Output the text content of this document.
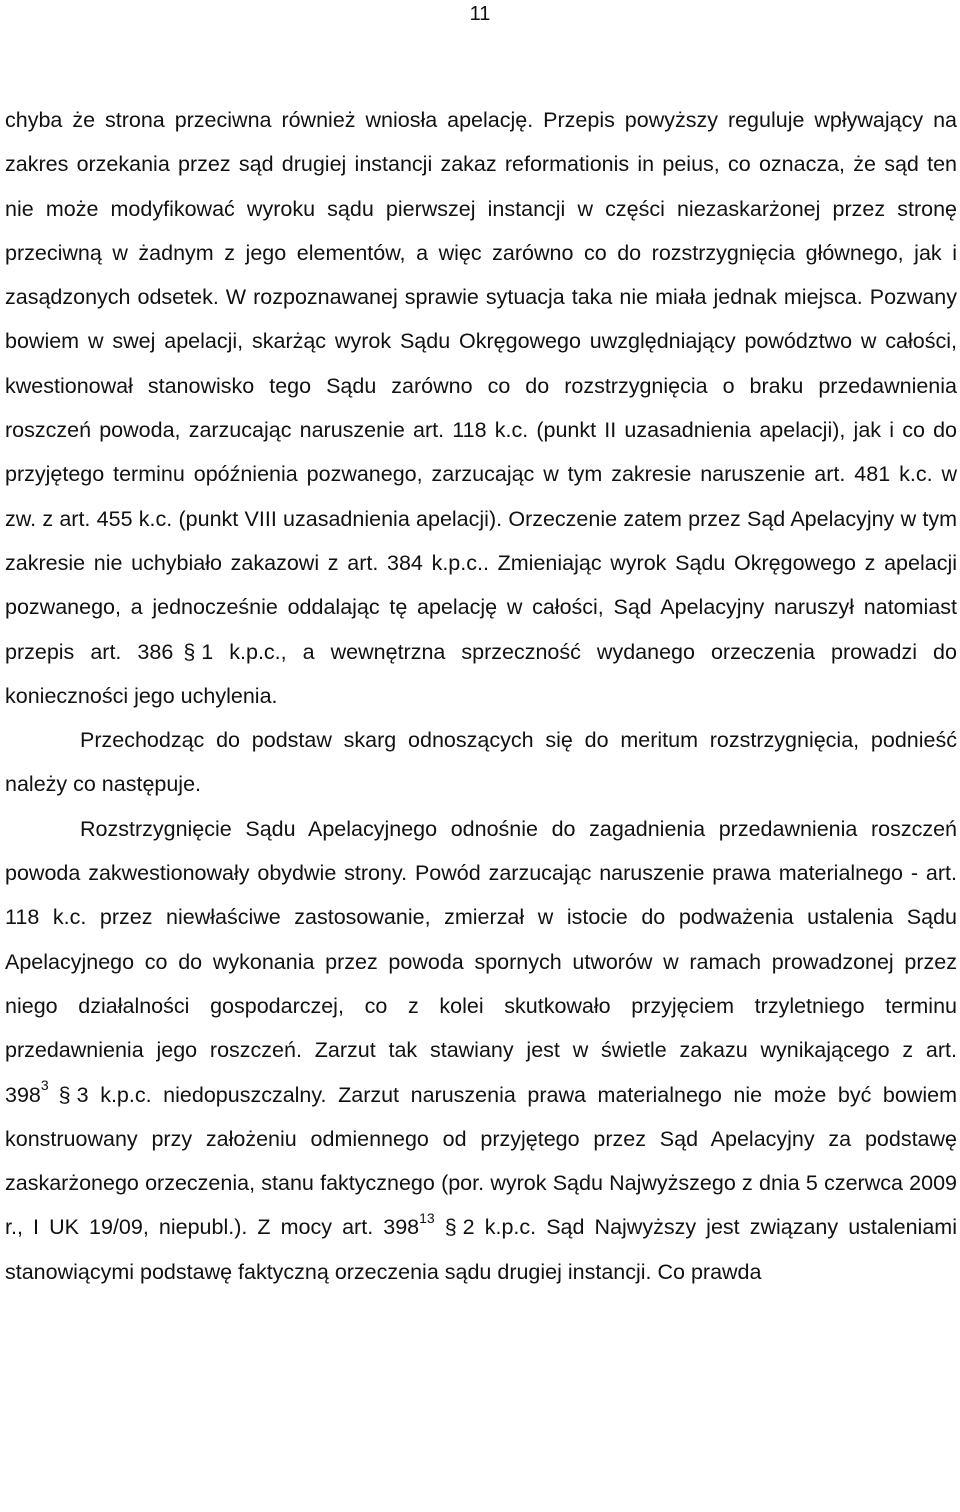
11

chyba że strona przeciwna również wniosła apelację. Przepis powyższy reguluje wpływający na zakres orzekania przez sąd drugiej instancji zakaz reformationis in peius, co oznacza, że sąd ten nie może modyfikować wyroku sądu pierwszej instancji w części niezaskarżonej przez stronę przeciwną w żadnym z jego elementów, a więc zarówno co do rozstrzygnięcia głównego, jak i zasądzonych odsetek. W rozpoznawanej sprawie sytuacja taka nie miała jednak miejsca. Pozwany bowiem w swej apelacji, skarżąc wyrok Sądu Okręgowego uwzględniający powództwo w całości, kwestionował stanowisko tego Sądu zarówno co do rozstrzygnięcia o braku przedawnienia roszczeń powoda, zarzucając naruszenie art. 118 k.c. (punkt II uzasadnienia apelacji), jak i co do przyjętego terminu opóźnienia pozwanego, zarzucając w tym zakresie naruszenie art. 481 k.c. w zw. z art. 455 k.c. (punkt VIII uzasadnienia apelacji). Orzeczenie zatem przez Sąd Apelacyjny w tym zakresie nie uchybiało zakazowi z art. 384 k.p.c.. Zmieniając wyrok Sądu Okręgowego z apelacji pozwanego, a jednocześnie oddalając tę apelację w całości, Sąd Apelacyjny naruszył natomiast przepis art. 386 § 1 k.p.c., a wewnętrzna sprzeczność wydanego orzeczenia prowadzi do konieczności jego uchylenia.

Przechodząc do podstaw skarg odnoszących się do meritum rozstrzygnięcia, podnieść należy co następuje.

Rozstrzygnięcie Sądu Apelacyjnego odnośnie do zagadnienia przedawnienia roszczeń powoda zakwestionowały obydwie strony. Powód zarzucając naruszenie prawa materialnego - art. 118 k.c. przez niewłaściwe zastosowanie, zmierzał w istocie do podważenia ustalenia Sądu Apelacyjnego co do wykonania przez powoda spornych utworów w ramach prowadzonej przez niego działalności gospodarczej, co z kolei skutkowało przyjęciem trzyletniego terminu przedawnienia jego roszczeń. Zarzut tak stawiany jest w świetle zakazu wynikającego z art. $398^3$ § 3 k.p.c. niedopuszczalny. Zarzut naruszenia prawa materialnego nie może być bowiem konstruowany przy założeniu odmiennego od przyjętego przez Sąd Apelacyjny za podstawę zaskarżonego orzeczenia, stanu faktycznego (por. wyrok Sądu Najwyższego z dnia 5 czerwca 2009 r., I UK 19/09, niepubl.). Z mocy art. $398^{13}$ § 2 k.p.c. Sąd Najwyższy jest związany ustaleniami stanowiącymi podstawę faktyczną orzeczenia sądu drugiej instancji. Co prawda
